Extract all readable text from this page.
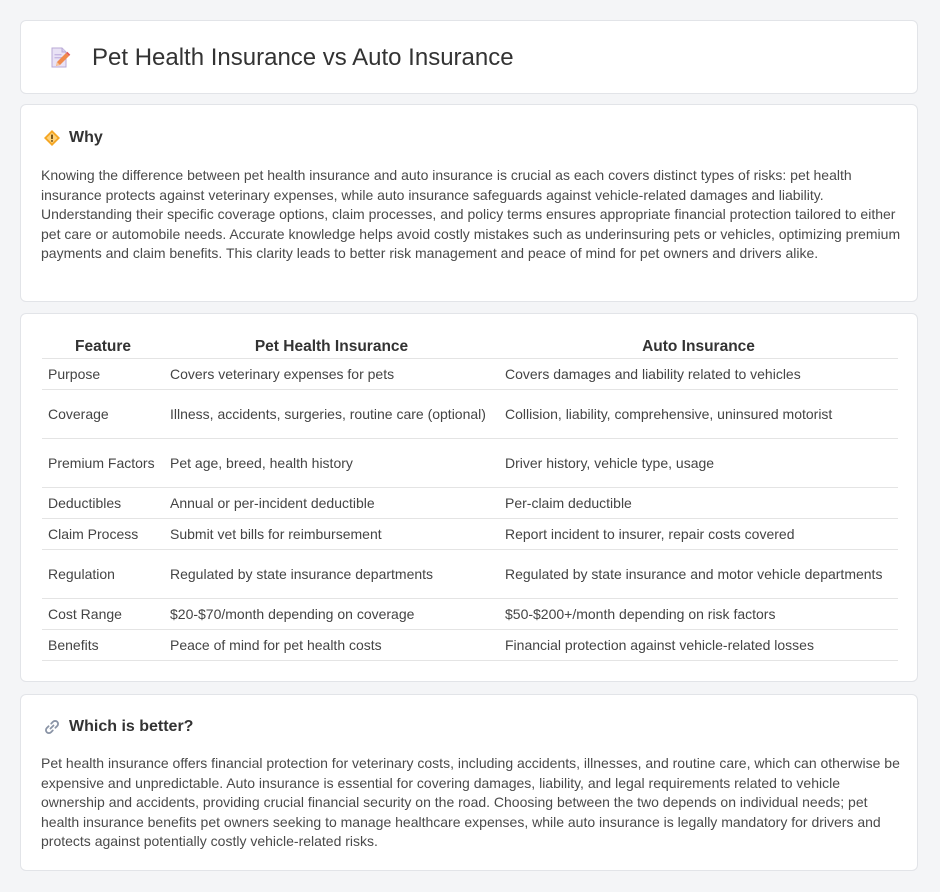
Pet Health Insurance vs Auto Insurance
Why

Knowing the difference between pet health insurance and auto insurance is crucial as each covers distinct types of risks: pet health insurance protects against veterinary expenses, while auto insurance safeguards against vehicle-related damages and liability. Understanding their specific coverage options, claim processes, and policy terms ensures appropriate financial protection tailored to either pet care or automobile needs. Accurate knowledge helps avoid costly mistakes such as underinsuring pets or vehicles, optimizing premium payments and claim benefits. This clarity leads to better risk management and peace of mind for pet owners and drivers alike.

Feature	Pet Health Insurance	Auto Insurance
Purpose	Covers veterinary expenses for pets	Covers damages and liability related to vehicles
Coverage	Illness, accidents, surgeries, routine care (optional)	Collision, liability, comprehensive, uninsured motorist
Premium Factors	Pet age, breed, health history	Driver history, vehicle type, usage
Deductibles	Annual or per-incident deductible	Per-claim deductible
Claim Process	Submit vet bills for reimbursement	Report incident to insurer, repair costs covered
Regulation	Regulated by state insurance departments	Regulated by state insurance and motor vehicle departments
Cost Range	$20-$70/month depending on coverage	$50-$200+/month depending on risk factors
Benefits	Peace of mind for pet health costs	Financial protection against vehicle-related losses
Which is better?

Pet health insurance offers financial protection for veterinary costs, including accidents, illnesses, and routine care, which can otherwise be expensive and unpredictable. Auto insurance is essential for covering damages, liability, and legal requirements related to vehicle ownership and accidents, providing crucial financial security on the road. Choosing between the two depends on individual needs; pet health insurance benefits pet owners seeking to manage healthcare expenses, while auto insurance is legally mandatory for drivers and protects against potentially costly vehicle-related risks.
